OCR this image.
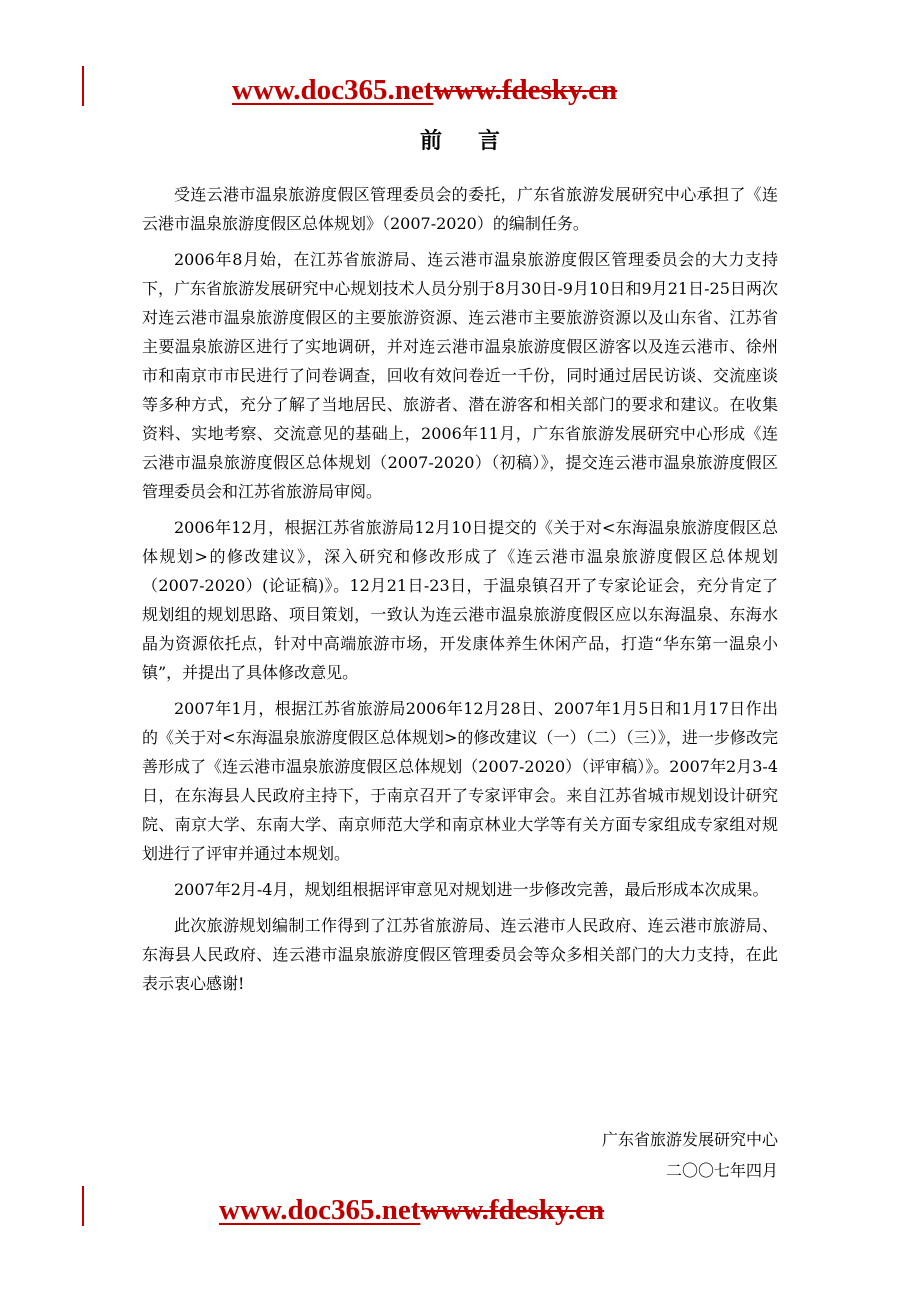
www.doc365.netwww.fdesky.cn
前言

受连云港市温泉旅游度假区管理委员会的委托，广东省旅游发展研究中心承担了《连云港市温泉旅游度假区总体规划》（2007-2020）的编制任务。

2006年8月始，在江苏省旅游局、连云港市温泉旅游度假区管理委员会的大力支持下，广东省旅游发展研究中心规划技术人员分别于8月30日-9月10日和9月21日-25日两次对连云港市温泉旅游度假区的主要旅游资源、连云港市主要旅游资源以及山东省、江苏省主要温泉旅游区进行了实地调研，并对连云港市温泉旅游度假区游客以及连云港市、徐州市和南京市市民进行了问卷调查，回收有效问卷近一千份，同时通过居民访谈、交流座谈等多种方式，充分了解了当地居民、旅游者、潜在游客和相关部门的要求和建议。在收集资料、实地考察、交流意见的基础上，2006年11月，广东省旅游发展研究中心形成《连云港市温泉旅游度假区总体规划（2007-2020）（初稿）》，提交连云港市温泉旅游度假区管理委员会和江苏省旅游局审阅。

2006年12月，根据江苏省旅游局12月10日提交的《关于对<东海温泉旅游度假区总体规划>的修改建议》，深入研究和修改形成了《连云港市温泉旅游度假区总体规划（2007-2020）(论证稿)》。12月21日-23日，于温泉镇召开了专家论证会，充分肯定了规划组的规划思路、项目策划，一致认为连云港市温泉旅游度假区应以东海温泉、东海水晶为资源依托点，针对中高端旅游市场，开发康体养生休闲产品，打造“华东第一温泉小镇”，并提出了具体修改意见。

2007年1月，根据江苏省旅游局2006年12月28日、2007年1月5日和1月17日作出的《关于对<东海温泉旅游度假区总体规划>的修改建议（一）（二）（三）》，进一步修改完善形成了《连云港市温泉旅游度假区总体规划（2007-2020）（评审稿）》。2007年2月3-4日，在东海县人民政府主持下，于南京召开了专家评审会。来自江苏省城市规划设计研究院、南京大学、东南大学、南京师范大学和南京林业大学等有关方面专家组成专家组对规划进行了评审并通过本规划。

2007年2月-4月，规划组根据评审意见对规划进一步修改完善，最后形成本次成果。

此次旅游规划编制工作得到了江苏省旅游局、连云港市人民政府、连云港市旅游局、东海县人民政府、连云港市温泉旅游度假区管理委员会等众多相关部门的大力支持，在此表示衷心感谢!

广东省旅游发展研究中心
二〇〇七年四月
www.doc365.netwww.fdesky.cn
